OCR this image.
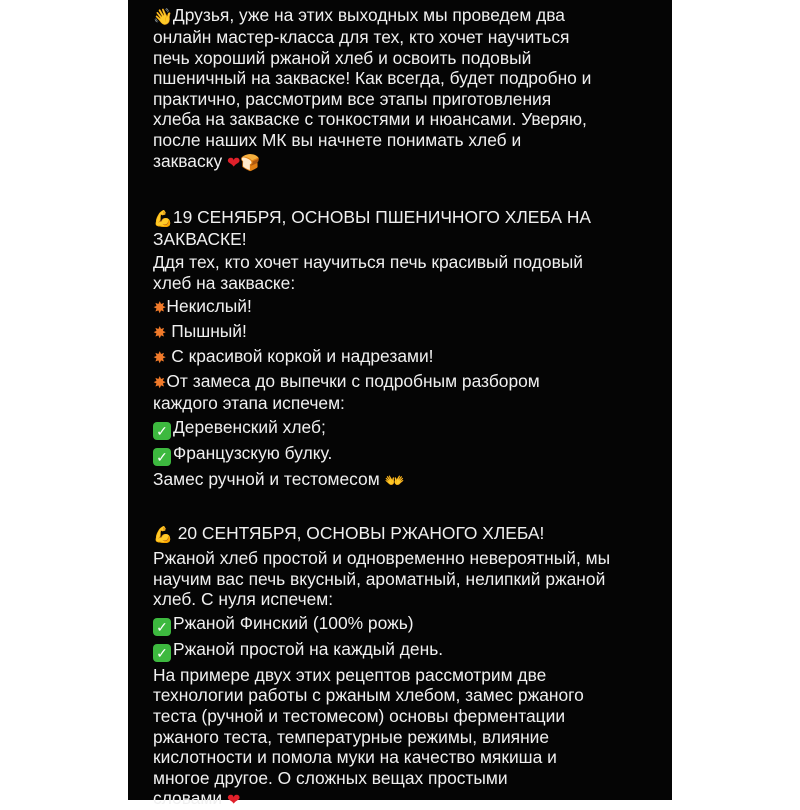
👋Друзья, уже на этих выходных мы проведем два
онлайн мастер-класса для тех, кто хочет научиться
печь хороший ржаной хлеб и освоить подовый
пшеничный на закваске! Как всегда, будет подробно и
практично, рассмотрим все этапы приготовления
хлеба на закваске с тонкостями и нюансами. Уверяю,
после наших МК вы начнете понимать хлеб и
закваску ❤🍞
💪19 СЕНЯБРЯ, ОСНОВЫ ПШЕНИЧНОГО ХЛЕБА НА
ЗАКВАСКЕ!
Ддя тех, кто хочет научиться печь красивый подовый
хлеб на закваске:
✸Некислый!
✸ Пышный!
✸ С красивой коркой и надрезами!
✸От замеса до выпечки с подробным разбором
каждого этапа испечем:
✓ Деревенский хлеб;
✓ Французскую булку.
Замес ручной и тестомесом 👐
💪 20 СЕНТЯБРЯ, ОСНОВЫ РЖАНОГО ХЛЕБА!
Ржаной хлеб простой и одновременно невероятный, мы
научим вас печь вкусный, ароматный, нелипкий ржаной
хлеб. С нуля испечем:
✓ Ржаной Финский (100% рожь)
✓ Ржаной простой на каждый день.
На примере двух этих рецептов рассмотрим две
технологии работы с ржаным хлебом, замес ржаного
теста (ручной и тестомесом) основы ферментации
ржаного теста, температурные режимы, влияние
кислотности и помола муки на качество мякиша и
многое другое. О сложных вещах простыми
словами ❤
